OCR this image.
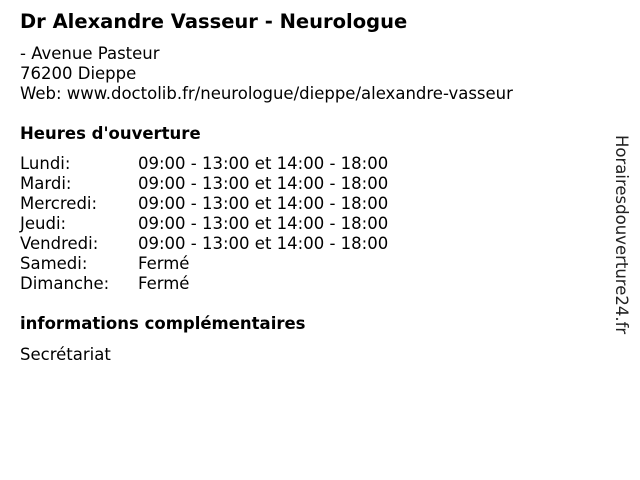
Dr Alexandre Vasseur - Neurologue
- Avenue Pasteur
76200 Dieppe
Web: www.doctolib.fr/neurologue/dieppe/alexandre-vasseur
Heures d'ouverture
Lundi:	09:00 - 13:00 et 14:00 - 18:00
Mardi:	09:00 - 13:00 et 14:00 - 18:00
Mercredi: 09:00 - 13:00 et 14:00 - 18:00
Jeudi:	09:00 - 13:00 et 14:00 - 18:00
Vendredi: 09:00 - 13:00 et 14:00 - 18:00
Samedi:	Fermé
Dimanche: Fermé
informations complémentaires
Secrétariat
Horairesdouverture24.fr
